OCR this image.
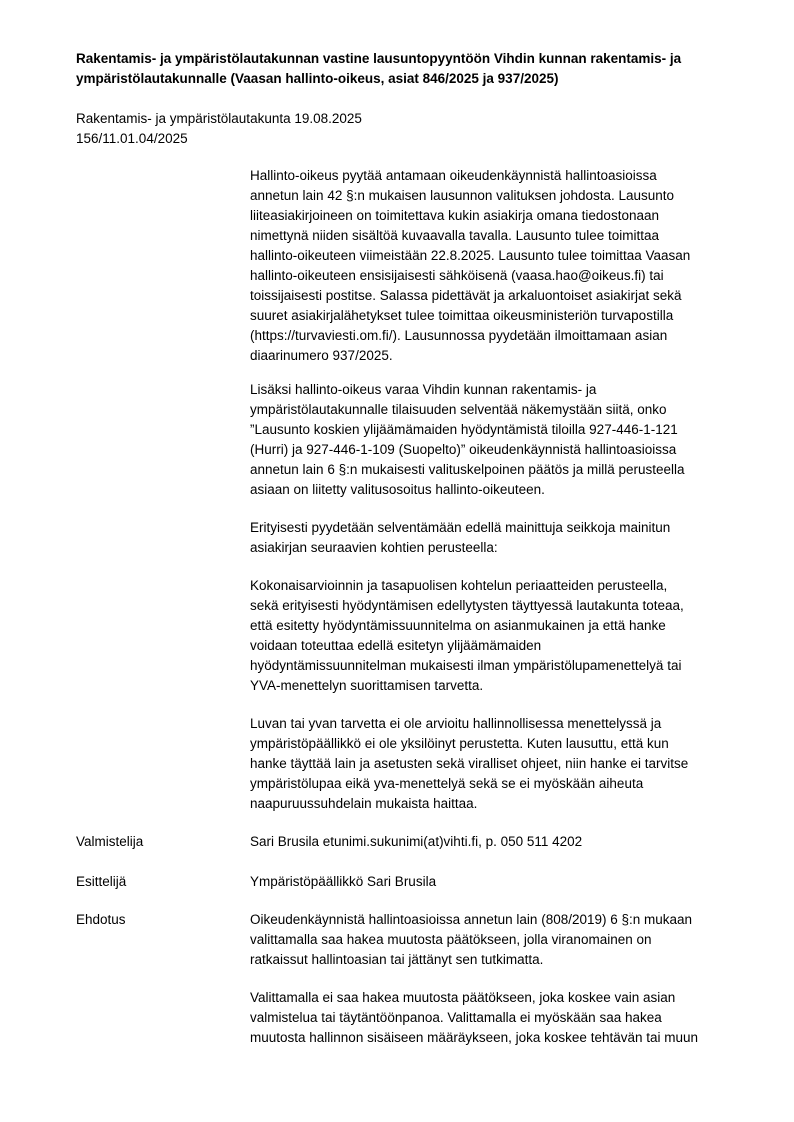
Rakentamis- ja ympäristölautakunnan vastine lausuntopyyntöön Vihdin kunnan rakentamis- ja
ympäristölautakunnalle (Vaasan hallinto-oikeus, asiat 846/2025 ja 937/2025)
Rakentamis- ja ympäristölautakunta 19.08.2025
156/11.01.04/2025
Hallinto-oikeus pyytää antamaan oikeudenkäynnistä hallintoasioissa
annetun lain 42 §:n mukaisen lausunnon valituksen johdosta. Lausunto
liiteasiakirjoineen on toimitettava kukin asiakirja omana tiedostonaan
nimettynä niiden sisältöä kuvaavalla tavalla. Lausunto tulee toimittaa
hallinto-oikeuteen viimeistään 22.8.2025. Lausunto tulee toimittaa Vaasan
hallinto-oikeuteen ensisijaisesti sähköisenä (vaasa.hao@oikeus.fi) tai
toissijaisesti postitse. Salassa pidettävät ja arkaluontoiset asiakirjat sekä
suuret asiakirjalähetykset tulee toimittaa oikeusministeriön turvapostilla
(https://turvaviesti.om.fi/). Lausunnossa pyydetään ilmoittamaan asian
diaarinumero 937/2025.
Lisäksi hallinto-oikeus varaa Vihdin kunnan rakentamis- ja
ympäristölautakunnalle tilaisuuden selventää näkemystään siitä, onko
”Lausunto koskien ylijäämämaiden hyödyntämistä tiloilla 927-446-1-121
(Hurri) ja 927-446-1-109 (Suopelto)” oikeudenkäynnistä hallintoasioissa
annetun lain 6 §:n mukaisesti valituskelpoinen päätös ja millä perusteella
asiaan on liitetty valitusosoitus hallinto-oikeuteen.
Erityisesti pyydetään selventämään edellä mainittuja seikkoja mainitun
asiakirjan seuraavien kohtien perusteella:
Kokonaisarvioinnin ja tasapuolisen kohtelun periaatteiden perusteella,
sekä erityisesti hyödyntämisen edellytysten täyttyessä lautakunta toteaa,
että esitetty hyödyntämissuunnitelma on asianmukainen ja että hanke
voidaan toteuttaa edellä esitetyn ylijäämämaiden
hyödyntämissuunnitelman mukaisesti ilman ympäristölupamenettelyä tai
YVA-menettelyn suorittamisen tarvetta.
Luvan tai yvan tarvetta ei ole arvioitu hallinnollisessa menettelyssä ja
ympäristöpäällikkö ei ole yksilöinyt perustetta. Kuten lausuttu, että kun
hanke täyttää lain ja asetusten sekä viralliset ohjeet, niin hanke ei tarvitse
ympäristölupaa eikä yva-menettelyä sekä se ei myöskään aiheuta
naapuruussuhdelain mukaista haittaa.
Valmistelija	Sari Brusila etunimi.sukunimi(at)vihti.fi, p. 050 511 4202
Esittelijä	Ympäristöpäällikkö Sari Brusila
Ehdotus	Oikeudenkäynnistä hallintoasioissa annetun lain (808/2019) 6 §:n mukaan
valittamalla saa hakea muutosta päätökseen, jolla viranomainen on
ratkaissut hallintoasian tai jättänyt sen tutkimatta.
Valittamalla ei saa hakea muutosta päätökseen, joka koskee vain asian
valmistelua tai täytäntöönpanoa. Valittamalla ei myöskään saa hakea
muutosta hallinnon sisäiseen määräykseen, joka koskee tehtävän tai muun
